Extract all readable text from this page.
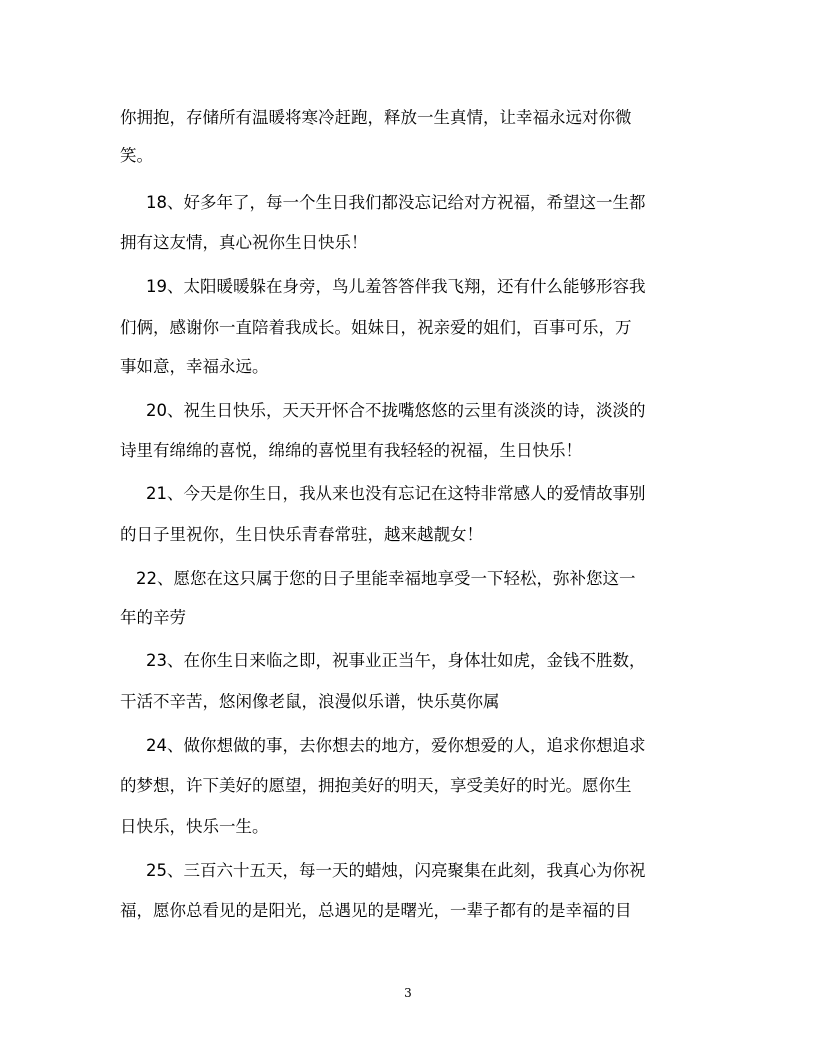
你拥抱，存储所有温暖将寒冷赶跑，释放一生真情，让幸福永远对你微
笑。
18、好多年了，每一个生日我们都没忘记给对方祝福，希望这一生都
拥有这友情，真心祝你生日快乐！
19、太阳暖暖躲在身旁，鸟儿羞答答伴我飞翔，还有什么能够形容我
们俩，感谢你一直陪着我成长。姐妹日，祝亲爱的姐们，百事可乐，万
事如意，幸福永远。
20、祝生日快乐，天天开怀合不拢嘴悠悠的云里有淡淡的诗，淡淡的
诗里有绵绵的喜悦，绵绵的喜悦里有我轻轻的祝福，生日快乐！
21、今天是你生日，我从来也没有忘记在这特非常感人的爱情故事别
的日子里祝你，生日快乐青春常驻，越来越靓女！
22、愿您在这只属于您的日子里能幸福地享受一下轻松，弥补您这一
年的辛劳
23、在你生日来临之即，祝事业正当午，身体壮如虎，金钱不胜数，
干活不辛苦，悠闲像老鼠，浪漫似乐谱，快乐莫你属
24、做你想做的事，去你想去的地方，爱你想爱的人，追求你想追求
的梦想，许下美好的愿望，拥抱美好的明天，享受美好的时光。愿你生
日快乐，快乐一生。
25、三百六十五天，每一天的蜡烛，闪亮聚集在此刻，我真心为你祝
福，愿你总看见的是阳光，总遇见的是曙光，一辈子都有的是幸福的目
3
